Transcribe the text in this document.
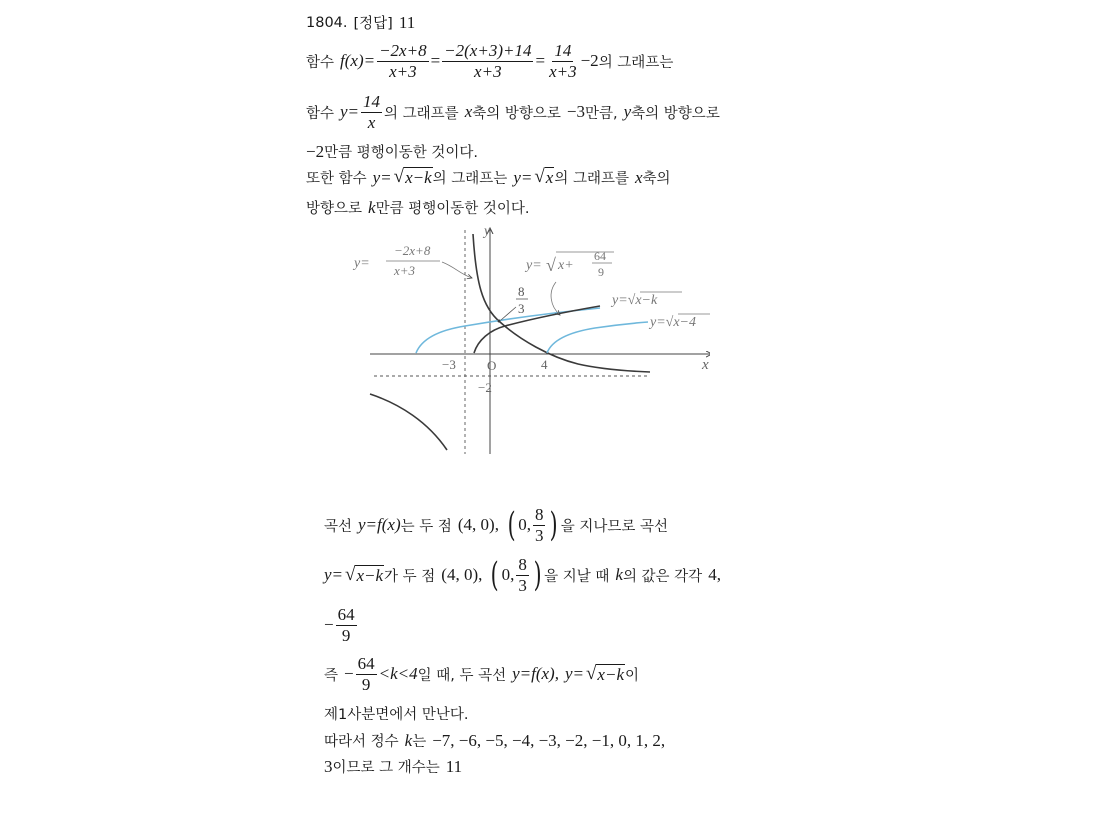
1804. [정답] 11
함수 $f(x)= \frac{-2x+8}{x+3} = \frac{-2(x+3)+14}{x+3} = \frac{14}{x+3} -2$ 의 그래프는
함수 $y= \frac{14}{x}$ 의 그래프를 x 축의 방향으로 −3 만큼, y 축의 방향으로
−2 만큼 평행이동한 것이다.
또한 함수 y= √ x−k 의 그래프는 y= √ x 의 그래프를 x 축의
방향으로 k 만큼 평행이동한 것이다.
y
x
O
−3	4
−2
y=
−2x+8
x+3	y= √ x+
64
9
8
3
y=√x−k
y=√x−4
곡선 y=f(x) 는 두 점 (4, 0), ( 0, $\frac{8}{3}$ ) 을 지나므로 곡선
y= √ x−k 가 두 점 (4, 0), ( 0, $\frac{8}{3}$ ) 을 지날 때 k 의 값은 각각 4,
− $\frac{64}{9}$
즉 − $\frac{64}{9} <k<4$ 일 때, 두 곡선 y=f(x), y= √ x−k 이
제1사분면에서 만난다.
따라서 정수 k 는 −7, −6, −5, −4, −3, −2, −1, 0, 1, 2,
3 이므로 그 개수는 11
